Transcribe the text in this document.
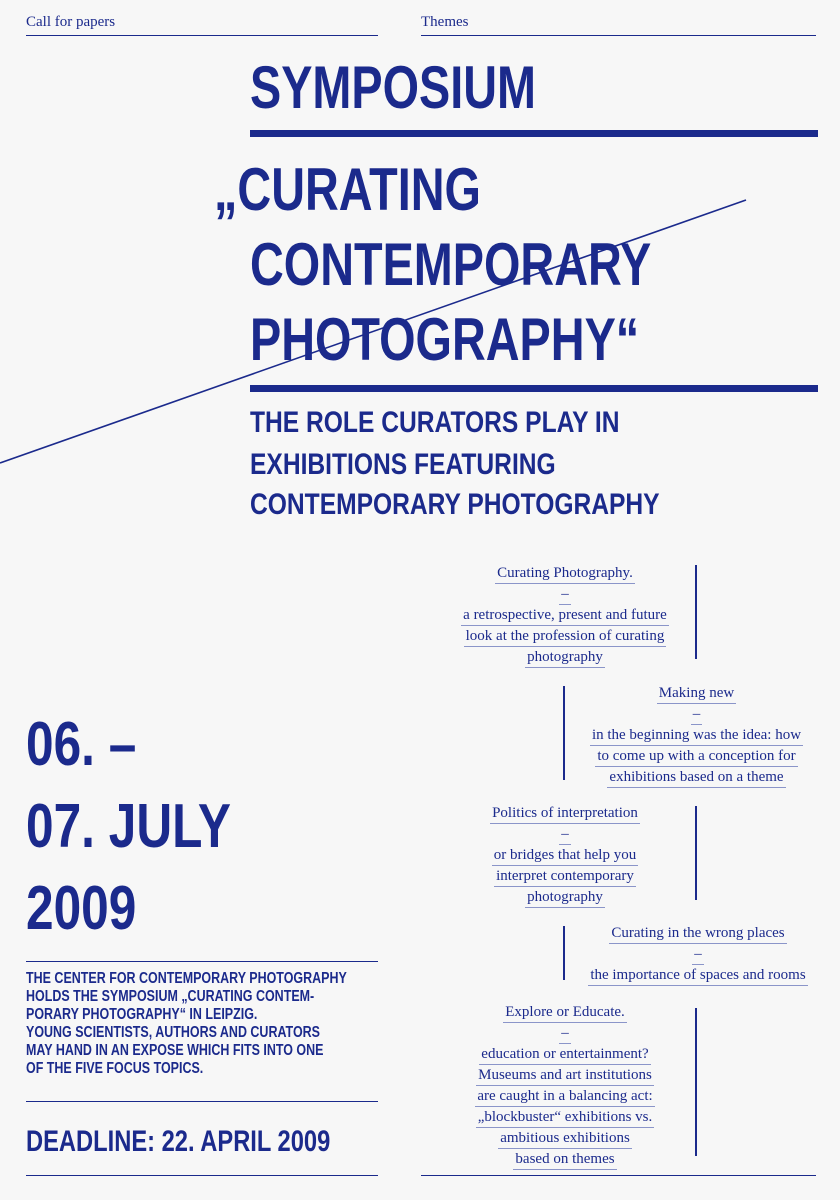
Call for papers	Themes
SYMPOSIUM
„CURATING
CONTEMPORARY
PHOTOGRAPHY“
THE ROLE CURATORS PLAY IN
EXHIBITIONS FEATURING
CONTEMPORARY PHOTOGRAPHY
06. –
07. JULY
2009
THE CENTER FOR CONTEMPORARY PHOTOGRAPHY
HOLDS THE SYMPOSIUM „CURATING CONTEM-
PORARY PHOTOGRAPHY“ IN LEIPZIG.
YOUNG SCIENTISTS, AUTHORS AND CURATORS
MAY HAND IN AN EXPOSE WHICH FITS INTO ONE
OF THE FIVE FOCUS TOPICS.
DEADLINE: 22. APRIL 2009
Curating Photography.
–
a retrospective, present and future
look at the profession of curating
photography
Making new
–
in the beginning was the idea: how
to come up with a conception for
exhibitions based on a theme
Politics of interpretation
–
or bridges that help you
interpret contemporary
photography
Curating in the wrong places
–
the importance of spaces and rooms
Explore or Educate.
–
education or entertainment?
Museums and art institutions
are caught in a balancing act:
„blockbuster“ exhibitions vs.
ambitious exhibitions
based on themes
